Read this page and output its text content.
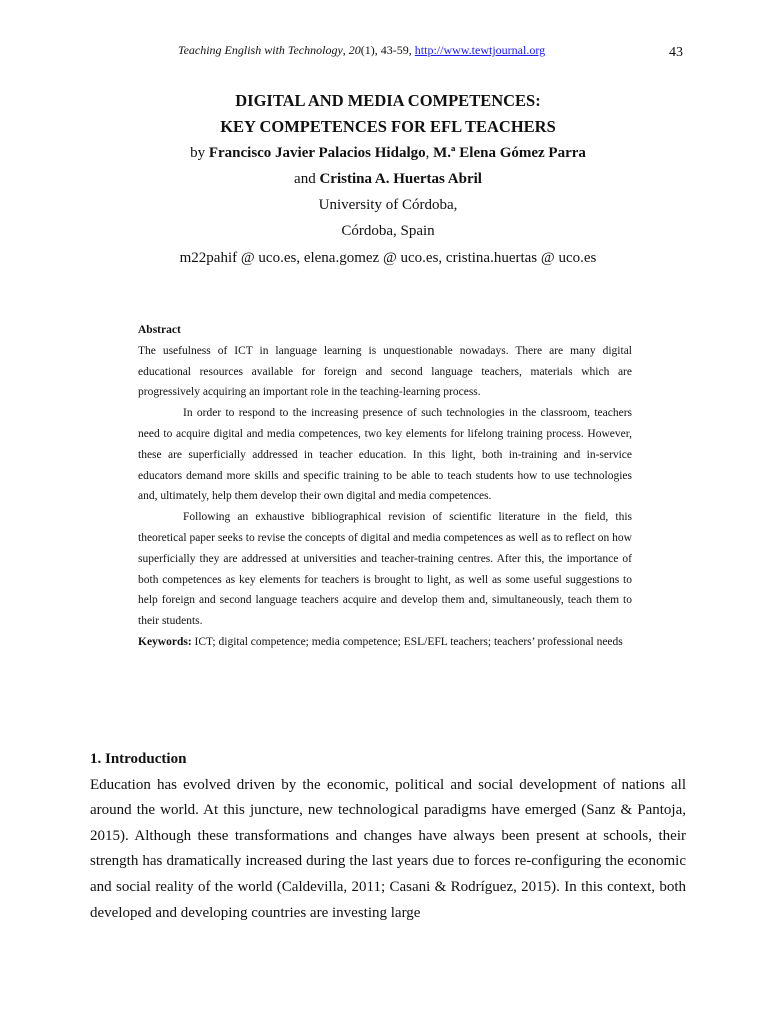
Teaching English with Technology, 20(1), 43-59, http://www.tewtjournal.org	43
DIGITAL AND MEDIA COMPETENCES:
KEY COMPETENCES FOR EFL TEACHERS
by Francisco Javier Palacios Hidalgo, M.ª Elena Gómez Parra
and Cristina A. Huertas Abril
University of Córdoba,
Córdoba, Spain
m22pahif @ uco.es, elena.gomez @ uco.es, cristina.huertas @ uco.es
Abstract

The usefulness of ICT in language learning is unquestionable nowadays. There are many digital educational resources available for foreign and second language teachers, materials which are progressively acquiring an important role in the teaching-learning process.

In order to respond to the increasing presence of such technologies in the classroom, teachers need to acquire digital and media competences, two key elements for lifelong training process. However, these are superficially addressed in teacher education. In this light, both in-training and in-service educators demand more skills and specific training to be able to teach students how to use technologies and, ultimately, help them develop their own digital and media competences.

Following an exhaustive bibliographical revision of scientific literature in the field, this theoretical paper seeks to revise the concepts of digital and media competences as well as to reflect on how superficially they are addressed at universities and teacher-training centres. After this, the importance of both competences as key elements for teachers is brought to light, as well as some useful suggestions to help foreign and second language teachers acquire and develop them and, simultaneously, teach them to their students.

Keywords: ICT; digital competence; media competence; ESL/EFL teachers; teachers’ professional needs

1. Introduction

Education has evolved driven by the economic, political and social development of nations all around the world. At this juncture, new technological paradigms have emerged (Sanz & Pantoja, 2015). Although these transformations and changes have always been present at schools, their strength has dramatically increased during the last years due to forces re-configuring the economic and social reality of the world (Caldevilla, 2011; Casani & Rodríguez, 2015). In this context, both developed and developing countries are investing large
